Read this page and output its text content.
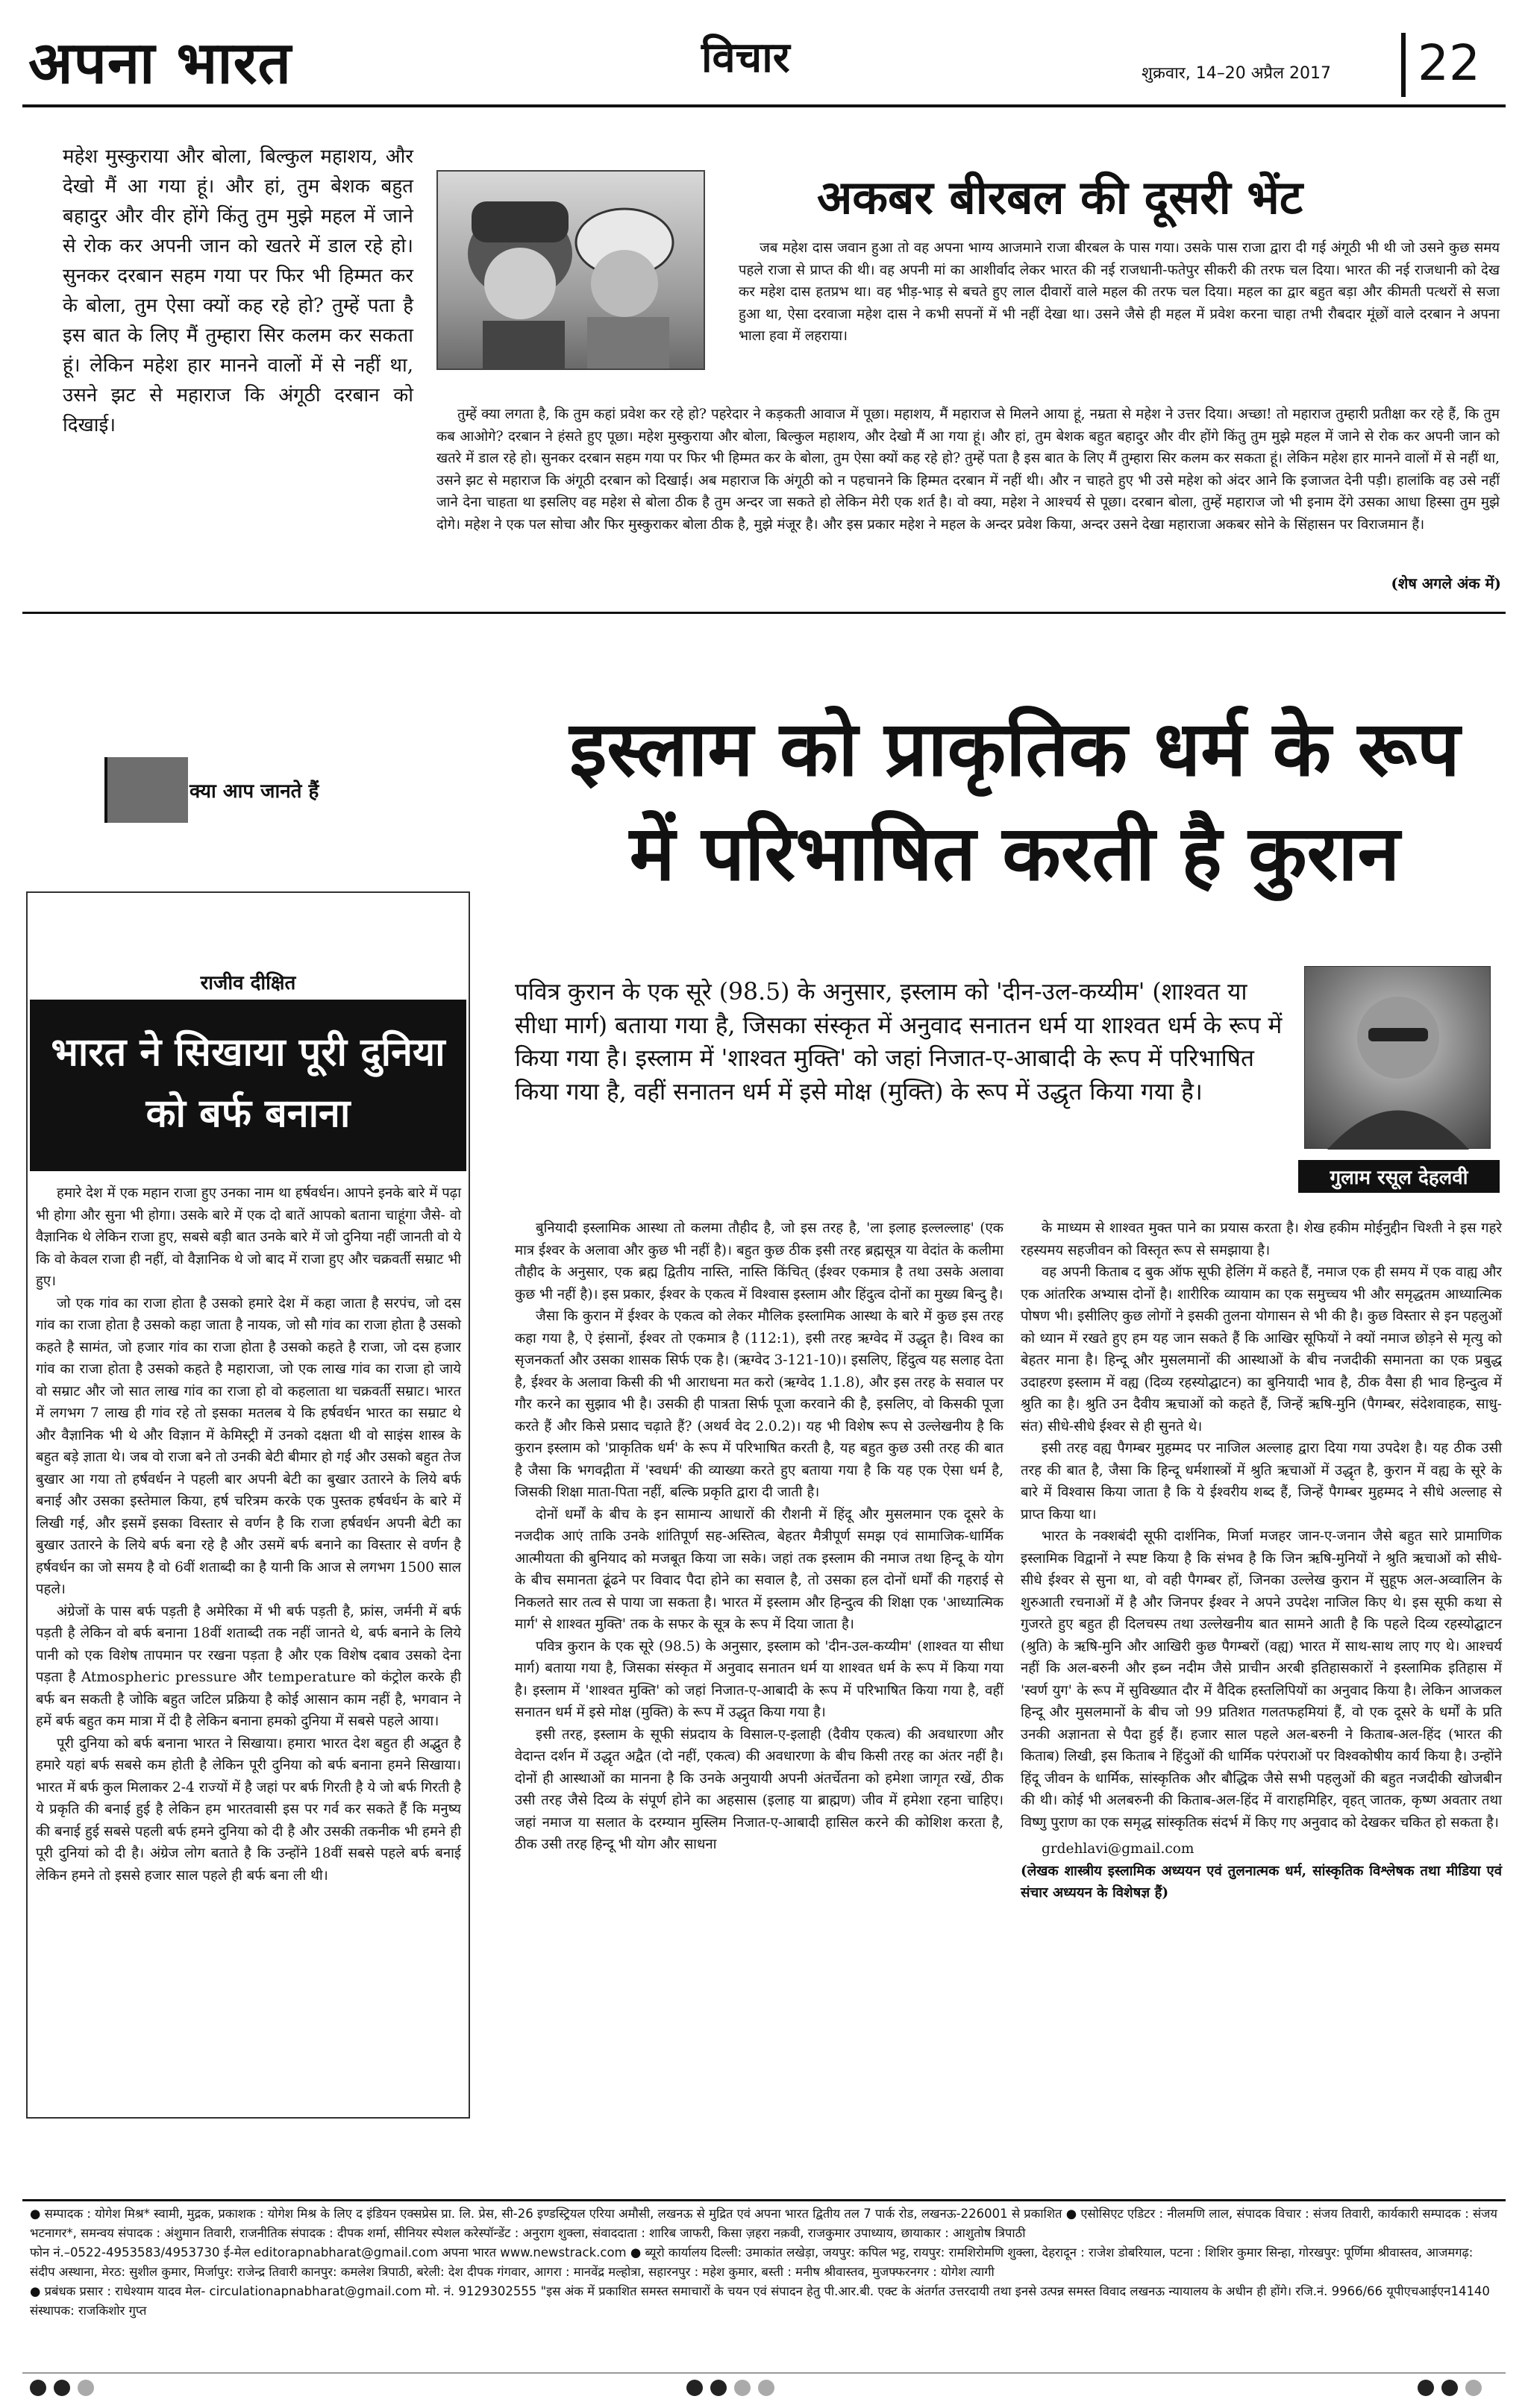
अपना भारत	विचार	शुक्रवार, 14–20 अप्रैल 2017 22
महेश मुस्कुराया और बोला, बिल्कुल महाशय, और देखो मैं आ गया हूं। और हां, तुम बेशक बहुत बहादुर और वीर होंगे किंतु तुम मुझे महल में जाने से रोक कर अपनी जान को खतरे में डाल रहे हो। सुनकर दरबान सहम गया पर फिर भी हिम्मत कर के बोला, तुम ऐसा क्यों कह रहे हो? तुम्हें पता है इस बात के लिए मैं तुम्हारा सिर कलम कर सकता हूं। लेकिन महेश हार मानने वालों में से नहीं था, उसने झट से महाराज कि अंगूठी दरबान को दिखाई।
अकबर बीरबल की दूसरी भेंट
जब महेश दास जवान हुआ तो वह अपना भाग्य आजमाने राजा बीरबल के पास गया। उसके पास राजा द्वारा दी गई अंगूठी भी थी जो उसने कुछ समय पहले राजा से प्राप्त की थी। वह अपनी मां का आशीर्वाद लेकर भारत की नई राजधानी-फतेपुर सीकरी की तरफ चल दिया। भारत की नई राजधानी को देख कर महेश दास हतप्रभ था। वह भीड़-भाड़ से बचते हुए लाल दीवारों वाले महल की तरफ चल दिया। महल का द्वार बहुत बड़ा और कीमती पत्थरों से सजा हुआ था, ऐसा दरवाजा महेश दास ने कभी सपनों में भी नहीं देखा था। उसने जैसे ही महल में प्रवेश करना चाहा तभी रौबदार मूंछों वाले दरबान ने अपना भाला हवा में लहराया।
तुम्हें क्या लगता है, कि तुम कहां प्रवेश कर रहे हो? पहरेदार ने कड़कती आवाज में पूछा। महाशय, मैं महाराज से मिलने आया हूं, नम्रता से महेश ने उत्तर दिया। अच्छा! तो महाराज तुम्हारी प्रतीक्षा कर रहे हैं, कि तुम कब आओगे? दरबान ने हंसते हुए पूछा। महेश मुस्कुराया और बोला, बिल्कुल महाशय, और देखो मैं आ गया हूं। और हां, तुम बेशक बहुत बहादुर और वीर होंगे किंतु तुम मुझे महल में जाने से रोक कर अपनी जान को खतरे में डाल रहे हो। सुनकर दरबान सहम गया पर फिर भी हिम्मत कर के बोला, तुम ऐसा क्यों कह रहे हो? तुम्हें पता है इस बात के लिए मैं तुम्हारा सिर कलम कर सकता हूं। लेकिन महेश हार मानने वालों में से नहीं था, उसने झट से महाराज कि अंगूठी दरबान को दिखाई। अब महाराज कि अंगूठी को न पहचानने कि हिम्मत दरबान में नहीं थी। और न चाहते हुए भी उसे महेश को अंदर आने कि इजाजत देनी पड़ी। हालांकि वह उसे नहीं जाने देना चाहता था इसलिए वह महेश से बोला ठीक है तुम अन्दर जा सकते हो लेकिन मेरी एक शर्त है। वो क्या, महेश ने आश्चर्य से पूछा। दरबान बोला, तुम्हें महाराज जो भी इनाम देंगे उसका आधा हिस्सा तुम मुझे दोगे। महेश ने एक पल सोचा और फिर मुस्कुराकर बोला ठीक है, मुझे मंजूर है। और इस प्रकार महेश ने महल के अन्दर प्रवेश किया, अन्दर उसने देखा महाराजा अकबर सोने के सिंहासन पर विराजमान हैं।
(शेष अगले अंक में)
क्या आप जानते हैं	इस्लाम को प्राकृतिक धर्म के रूप
में परिभाषित करती है कुरान
राजीव दीक्षित
भारत ने सिखाया पूरी दुनिया को बर्फ बनाना

हमारे देश में एक महान राजा हुए उनका नाम था हर्षवर्धन। आपने इनके बारे में पढ़ा भी होगा और सुना भी होगा। उसके बारे में एक दो बातें आपको बताना चाहूंगा जैसे- वो वैज्ञानिक थे लेकिन राजा हुए, सबसे बड़ी बात उनके बारे में जो दुनिया नहीं जानती वो ये कि वो केवल राजा ही नहीं, वो वैज्ञानिक थे जो बाद में राजा हुए और चक्रवर्ती सम्राट भी हुए।

जो एक गांव का राजा होता है उसको हमारे देश में कहा जाता है सरपंच, जो दस गांव का राजा होता है उसको कहा जाता है नायक, जो सौ गांव का राजा होता है उसको कहते है सामंत, जो हजार गांव का राजा होता है उसको कहते है राजा, जो दस हजार गांव का राजा होता है उसको कहते है महाराजा, जो एक लाख गांव का राजा हो जाये वो सम्राट और जो सात लाख गांव का राजा हो वो कहलाता था चक्रवर्ती सम्राट। भारत में लगभग 7 लाख ही गांव रहे तो इसका मतलब ये कि हर्षवर्धन भारत का सम्राट थे और वैज्ञानिक भी थे और विज्ञान में केमिस्ट्री में उनको दक्षता थी वो साइंस शास्त्र के बहुत बड़े ज्ञाता थे। जब वो राजा बने तो उनकी बेटी बीमार हो गई और उसको बहुत तेज बुखार आ गया तो हर्षवर्धन ने पहली बार अपनी बेटी का बुखार उतारने के लिये बर्फ बनाई और उसका इस्तेमाल किया, हर्ष चरित्रम करके एक पुस्तक हर्षवर्धन के बारे में लिखी गई, और इसमें इसका विस्तार से वर्णन है कि राजा हर्षवर्धन अपनी बेटी का बुखार उतारने के लिये बर्फ बना रहे है और उसमें बर्फ बनाने का विस्तार से वर्णन है हर्षवर्धन का जो समय है वो 6वीं शताब्दी का है यानी कि आज से लगभग 1500 साल पहले।

अंग्रेजों के पास बर्फ पड़ती है अमेरिका में भी बर्फ पड़ती है, फ्रांस, जर्मनी में बर्फ पड़ती है लेकिन वो बर्फ बनाना 18वीं शताब्दी तक नहीं जानते थे, बर्फ बनाने के लिये पानी को एक विशेष तापमान पर रखना पड़ता है और एक विशेष दबाव उसको देना पड़ता है Atmospheric pressure और temperature को कंट्रोल करके ही बर्फ बन सकती है जोकि बहुत जटिल प्रक्रिया है कोई आसान काम नहीं है, भगवान ने हमें बर्फ बहुत कम मात्रा में दी है लेकिन बनाना हमको दुनिया में सबसे पहले आया।

पूरी दुनिया को बर्फ बनाना भारत ने सिखाया। हमारा भारत देश बहुत ही अद्भुत है हमारे यहां बर्फ सबसे कम होती है लेकिन पूरी दुनिया को बर्फ बनाना हमने सिखाया। भारत में बर्फ कुल मिलाकर 2-4 राज्यों में है जहां पर बर्फ गिरती है ये जो बर्फ गिरती है ये प्रकृति की बनाई हुई है लेकिन हम भारतवासी इस पर गर्व कर सकते हैं कि मनुष्य की बनाई हुई सबसे पहली बर्फ हमने दुनिया को दी है और उसकी तकनीक भी हमने ही पूरी दुनियां को दी है। अंग्रेज लोग बताते है कि उन्होंने 18वीं सबसे पहले बर्फ बनाई लेकिन हमने तो इससे हजार साल पहले ही बर्फ बना ली थी।

पवित्र कुरान के एक सूरे (98.5) के अनुसार, इस्लाम को 'दीन-उल-कय्यीम' (शाश्वत या सीधा मार्ग) बताया गया है, जिसका संस्कृत में अनुवाद सनातन धर्म या शाश्वत धर्म के रूप में किया गया है। इस्लाम में 'शाश्वत मुक्ति' को जहां निजात-ए-आबादी के रूप में परिभाषित किया गया है, वहीं सनातन धर्म में इसे मोक्ष (मुक्ति) के रूप में उद्धृत किया गया है।
गुलाम रसूल देहलवी

बुनियादी इस्लामिक आस्था तो कलमा तौहीद है, जो इस तरह है, 'ला इलाह इल्लल्लाह' (एक मात्र ईश्वर के अलावा और कुछ भी नहीं है)। बहुत कुछ ठीक इसी तरह ब्रह्मसूत्र या वेदांत के कलीमा तौहीद के अनुसार, एक ब्रह्म द्वितीय नास्ति, नास्ति किंचित् (ईश्वर एकमात्र है तथा उसके अलावा कुछ भी नहीं है)। इस प्रकार, ईश्वर के एकत्व में विश्वास इस्लाम और हिंदुत्व दोनों का मुख्य बिन्दु है।

जैसा कि कुरान में ईश्वर के एकत्व को लेकर मौलिक इस्लामिक आस्था के बारे में कुछ इस तरह कहा गया है, ऐ इंसानों, ईश्वर तो एकमात्र है (112:1), इसी तरह ऋग्वेद में उद्धृत है। विश्व का सृजनकर्ता और उसका शासक सिर्फ एक है। (ऋग्वेद 3-121-10)। इसलिए, हिंदुत्व यह सलाह देता है, ईश्वर के अलावा किसी की भी आराधना मत करो (ऋग्वेद 1.1.8), और इस तरह के सवाल पर गौर करने का सुझाव भी है। उसकी ही पात्रता सिर्फ पूजा करवाने की है, इसलिए, वो किसकी पूजा करते हैं और किसे प्रसाद चढ़ाते हैं? (अथर्व वेद 2.0.2)। यह भी विशेष रूप से उल्लेखनीय है कि कुरान इस्लाम को 'प्राकृतिक धर्म' के रूप में परिभाषित करती है, यह बहुत कुछ उसी तरह की बात है जैसा कि भगवद्गीता में 'स्वधर्म' की व्याख्या करते हुए बताया गया है कि यह एक ऐसा धर्म है, जिसकी शिक्षा माता-पिता नहीं, बल्कि प्रकृति द्वारा दी जाती है।

दोनों धर्मों के बीच के इन सामान्य आधारों की रौशनी में हिंदू और मुसलमान एक दूसरे के नजदीक आएं ताकि उनके शांतिपूर्ण सह-अस्तित्व, बेहतर मैत्रीपूर्ण समझ एवं सामाजिक-धार्मिक आत्मीयता की बुनियाद को मजबूत किया जा सके। जहां तक इस्लाम की नमाज तथा हिन्दू के योग के बीच समानता ढूंढने पर विवाद पैदा होने का सवाल है, तो उसका हल दोनों धर्मों की गहराई से निकलते सार तत्व से पाया जा सकता है। भारत में इस्लाम और हिन्दुत्व की शिक्षा एक 'आध्यात्मिक मार्ग' से शाश्वत मुक्ति' तक के सफर के सूत्र के रूप में दिया जाता है।

पवित्र कुरान के एक सूरे (98.5) के अनुसार, इस्लाम को 'दीन-उल-कय्यीम' (शाश्वत या सीधा मार्ग) बताया गया है, जिसका संस्कृत में अनुवाद सनातन धर्म या शाश्वत धर्म के रूप में किया गया है। इस्लाम में 'शाश्वत मुक्ति' को जहां निजात-ए-आबादी के रूप में परिभाषित किया गया है, वहीं सनातन धर्म में इसे मोक्ष (मुक्ति) के रूप में उद्धृत किया गया है।

इसी तरह, इस्लाम के सूफी संप्रदाय के विसाल-ए-इलाही (दैवीय एकत्व) की अवधारणा और वेदान्त दर्शन में उद्धृत अद्वैत (दो नहीं, एकत्व) की अवधारणा के बीच किसी तरह का अंतर नहीं है। दोनों ही आस्थाओं का मानना है कि उनके अनुयायी अपनी अंतर्चेतना को हमेशा जागृत रखें, ठीक उसी तरह जैसे दिव्य के संपूर्ण होने का अहसास (इलाह या ब्राह्मण) जीव में हमेशा रहना चाहिए। जहां नमाज या सलात के दरम्यान मुस्लिम निजात-ए-आबादी हासिल करने की कोशिश करता है, ठीक उसी तरह हिन्दू भी योग और साधना

के माध्यम से शाश्वत मुक्त पाने का प्रयास करता है। शेख हकीम मोईनुद्दीन चिश्ती ने इस गहरे रहस्यमय सहजीवन को विस्तृत रूप से समझाया है।

वह अपनी किताब द बुक ऑफ सूफी हेलिंग में कहते हैं, नमाज एक ही समय में एक वाह्य और एक आंतरिक अभ्यास दोनों है। शारीरिक व्यायाम का एक समुच्चय भी और समृद्धतम आध्यात्मिक पोषण भी। इसीलिए कुछ लोगों ने इसकी तुलना योगासन से भी की है। कुछ विस्तार से इन पहलुओं को ध्यान में रखते हुए हम यह जान सकते हैं कि आखिर सूफियों ने क्यों नमाज छोड़ने से मृत्यु को बेहतर माना है। हिन्दू और मुसलमानों की आस्थाओं के बीच नजदीकी समानता का एक प्रबुद्ध उदाहरण इस्लाम में वह्य (दिव्य रहस्योद्घाटन) का बुनियादी भाव है, ठीक वैसा ही भाव हिन्दुत्व में श्रुति का है। श्रुति उन दैवीय ऋचाओं को कहते हैं, जिन्हें ऋषि-मुनि (पैगम्बर, संदेशवाहक, साधु-संत) सीधे-सीधे ईश्वर से ही सुनते थे।

इसी तरह वह्य पैगम्बर मुहम्मद पर नाजिल अल्लाह द्वारा दिया गया उपदेश है। यह ठीक उसी तरह की बात है, जैसा कि हिन्दू धर्मशास्त्रों में श्रुति ऋचाओं में उद्धृत है, कुरान में वह्य के सूरे के बारे में विश्वास किया जाता है कि ये ईश्वरीय शब्द हैं, जिन्हें पैगम्बर मुहम्मद ने सीधे अल्लाह से प्राप्त किया था।

भारत के नक्शबंदी सूफी दार्शनिक, मिर्जा मजहर जान-ए-जनान जैसे बहुत सारे प्रामाणिक इस्लामिक विद्वानों ने स्पष्ट किया है कि संभव है कि जिन ऋषि-मुनियों ने श्रुति ऋचाओं को सीधे-सीधे ईश्वर से सुना था, वो वही पैगम्बर हों, जिनका उल्लेख कुरान में सुहूफ अल-अव्वालिन के शुरुआती रचनाओं में है और जिनपर ईश्वर ने अपने उपदेश नाजिल किए थे। इस सूफी कथा से गुजरते हुए बहुत ही दिलचस्प तथा उल्लेखनीय बात सामने आती है कि पहले दिव्य रहस्योद्घाटन (श्रुति) के ऋषि-मुनि और आखिरी कुछ पैगम्बरों (वह्य) भारत में साथ-साथ लाए गए थे। आश्चर्य नहीं कि अल-बरुनी और इब्न नदीम जैसे प्राचीन अरबी इतिहासकारों ने इस्लामिक इतिहास में 'स्वर्ण युग' के रूप में सुविख्यात दौर में वैदिक हस्तलिपियों का अनुवाद किया है। लेकिन आजकल हिन्दू और मुसलमानों के बीच जो 99 प्रतिशत गलतफहमियां हैं, वो एक दूसरे के धर्मों के प्रति उनकी अज्ञानता से पैदा हुई हैं। हजार साल पहले अल-बरुनी ने किताब-अल-हिंद (भारत की किताब) लिखी, इस किताब ने हिंदुओं की धार्मिक परंपराओं पर विश्वकोषीय कार्य किया है। उन्होंने हिंदू जीवन के धार्मिक, सांस्कृतिक और बौद्धिक जैसे सभी पहलुओं की बहुत नजदीकी खोजबीन की थी। कोई भी अलबरुनी की किताब-अल-हिंद में वाराहमिहिर, वृहत् जातक, कृष्ण अवतार तथा विष्णु पुराण का एक समृद्ध सांस्कृतिक संदर्भ में किए गए अनुवाद को देखकर चकित हो सकता है।

grdehlavi@gmail.com

(लेखक शास्त्रीय इस्लामिक अध्ययन एवं तुलनात्मक धर्म, सांस्कृतिक विश्लेषक तथा मीडिया एवं संचार अध्ययन के विशेषज्ञ हैं)

● सम्पादक : योगेश मिश्र* स्वामी, मुद्रक, प्रकाशक : योगेश मिश्र के लिए द इंडियन एक्सप्रेस प्रा. लि. प्रेस, सी-26 इण्डस्ट्रियल एरिया अमौसी, लखनऊ से मुद्रित एवं अपना भारत द्वितीय तल 7 पार्क रोड, लखनऊ-226001 से प्रकाशित ● एसोसिएट एडिटर : नीलमणि लाल, संपादक विचार : संजय तिवारी, कार्यकारी सम्पादक : संजय भटनागर*, समन्वय संपादक : अंशुमान तिवारी, राजनीतिक संपादक : दीपक शर्मा, सीनियर स्पेशल करेस्पॉन्डेंट : अनुराग शुक्ला, संवाददाता : शारिब जाफरी, किसा ज़हरा नक़वी, राजकुमार उपाध्याय, छायाकार : आशुतोष त्रिपाठी

फोन नं.–0522-4953583/4953730 ई-मेल editorapnabharat@gmail.com अपना भारत www.newstrack.com ● ब्यूरो कार्यालय दिल्ली: उमाकांत लखेड़ा, जयपुर: कपिल भट्ट, रायपुर: रामशिरोमणि शुक्ला, देहरादून : राजेश डोबरियाल, पटना : शिशिर कुमार सिन्हा, गोरखपुर: पूर्णिमा श्रीवास्तव, आजमगढ़: संदीप अस्थाना, मेरठ: सुशील कुमार, मिर्जापुर: राजेन्द्र तिवारी कानपुर: कमलेश त्रिपाठी, बरेली: देश दीपक गंगवार, आगरा : मानवेंद्र मल्होत्रा, सहारनपुर : महेश कुमार, बस्ती : मनीष श्रीवास्तव, मुजफ्फरनगर : योगेश त्यागी

● प्रबंधक प्रसार : राधेश्याम यादव मेल- circulationapnabharat@gmail.com मो. नं. 9129302555 "इस अंक में प्रकाशित समस्त समाचारों के चयन एवं संपादन हेतु पी.आर.बी. एक्ट के अंतर्गत उत्तरदायी तथा इनसे उत्पन्न समस्त विवाद लखनऊ न्यायालय के अधीन ही होंगे। रजि.नं. 9966/66 यूपीएचआईएन14140 संस्थापक: राजकिशोर गुप्त
